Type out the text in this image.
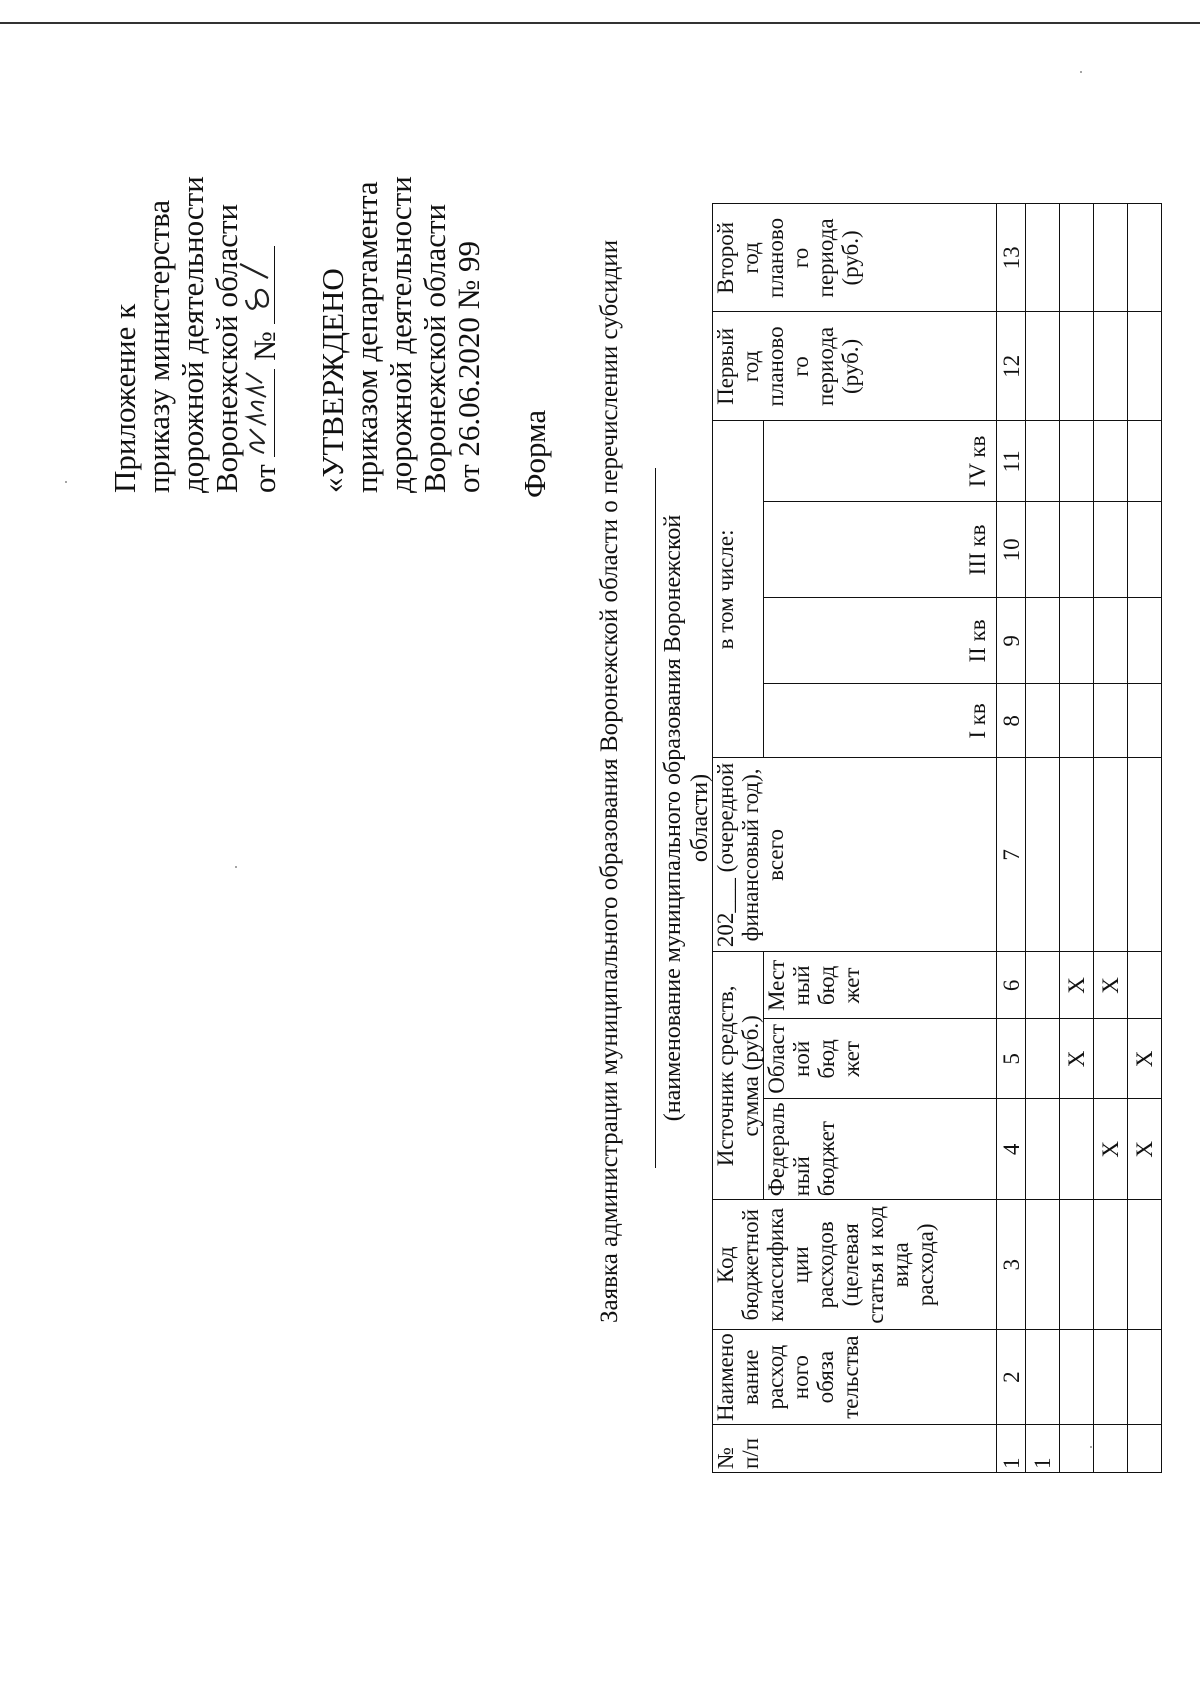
Приложение к приказу министерства дорожной деятельности Воронежской области от
№ «УТВЕРЖДЕНО приказом департамента дорожной деятельности Воронежской области от 26.06.2020 № 99 Форма Заявка администрации муниципального образования Воронежской области о перечислении субсидии (наименование муниципального образования Воронежской области)
№ п/п	Наимено вание расход ного обяза тельства	Код бюджетной классифика ции расходов (целевая статья и код вида расхода)	Источник средств, сумма (руб.)			202___ (очередной финансовый год), всего	в том числе:				Первый год планово го периода (руб.)	Второй год планово го периода (руб.)
			Федераль ный бюджет	Област ной бюд жет	Мест ный бюд жет		I кв	II кв	III кв	IV кв		
1	2	3	4	5	6	7	8	9	10	11	12	13
1												
				X	X							
			X		X							
			X	X								
